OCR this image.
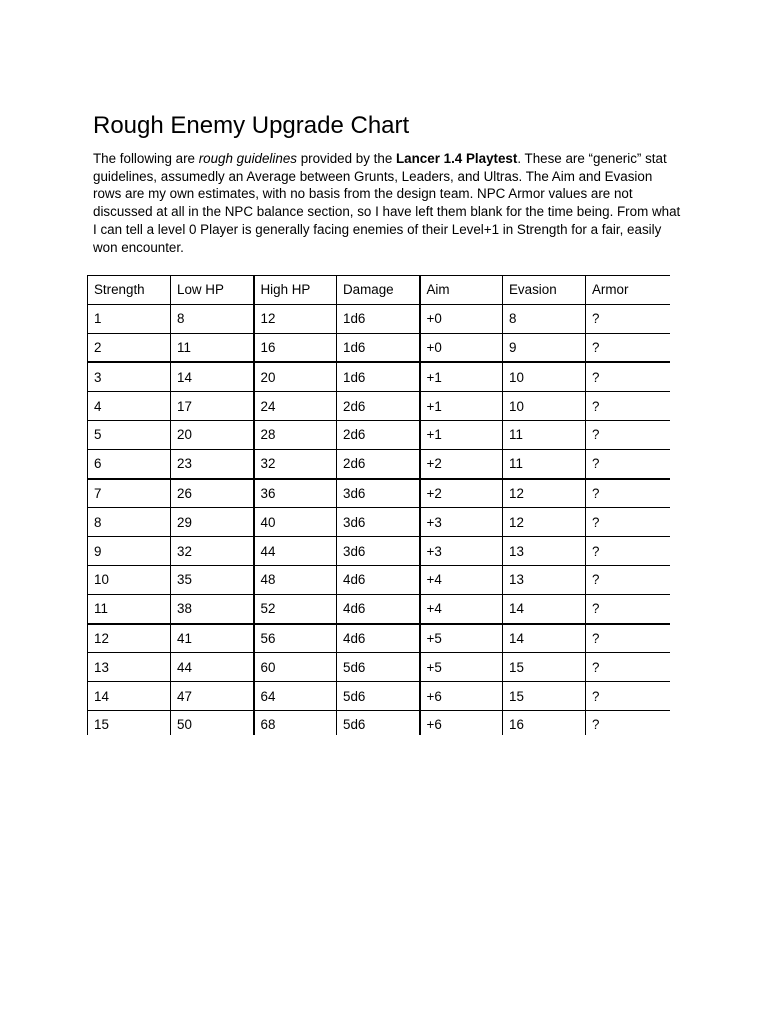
Rough Enemy Upgrade Chart

The following are rough guidelines provided by the Lancer 1.4 Playtest. These are “generic” stat guidelines, assumedly an Average between Grunts, Leaders, and Ultras. The Aim and Evasion rows are my own estimates, with no basis from the design team. NPC Armor values are not discussed at all in the NPC balance section, so I have left them blank for the time being. From what I can tell a level 0 Player is generally facing enemies of their Level+1 in Strength for a fair, easily won encounter.

Strength	Low HP	High HP	Damage	Aim	Evasion	Armor
1	8	12	1d6	+0	8	?
2	11	16	1d6	+0	9	?
3	14	20	1d6	+1	10	?
4	17	24	2d6	+1	10	?
5	20	28	2d6	+1	11	?
6	23	32	2d6	+2	11	?
7	26	36	3d6	+2	12	?
8	29	40	3d6	+3	12	?
9	32	44	3d6	+3	13	?
10	35	48	4d6	+4	13	?
11	38	52	4d6	+4	14	?
12	41	56	4d6	+5	14	?
13	44	60	5d6	+5	15	?
14	47	64	5d6	+6	15	?
15	50	68	5d6	+6	16	?
